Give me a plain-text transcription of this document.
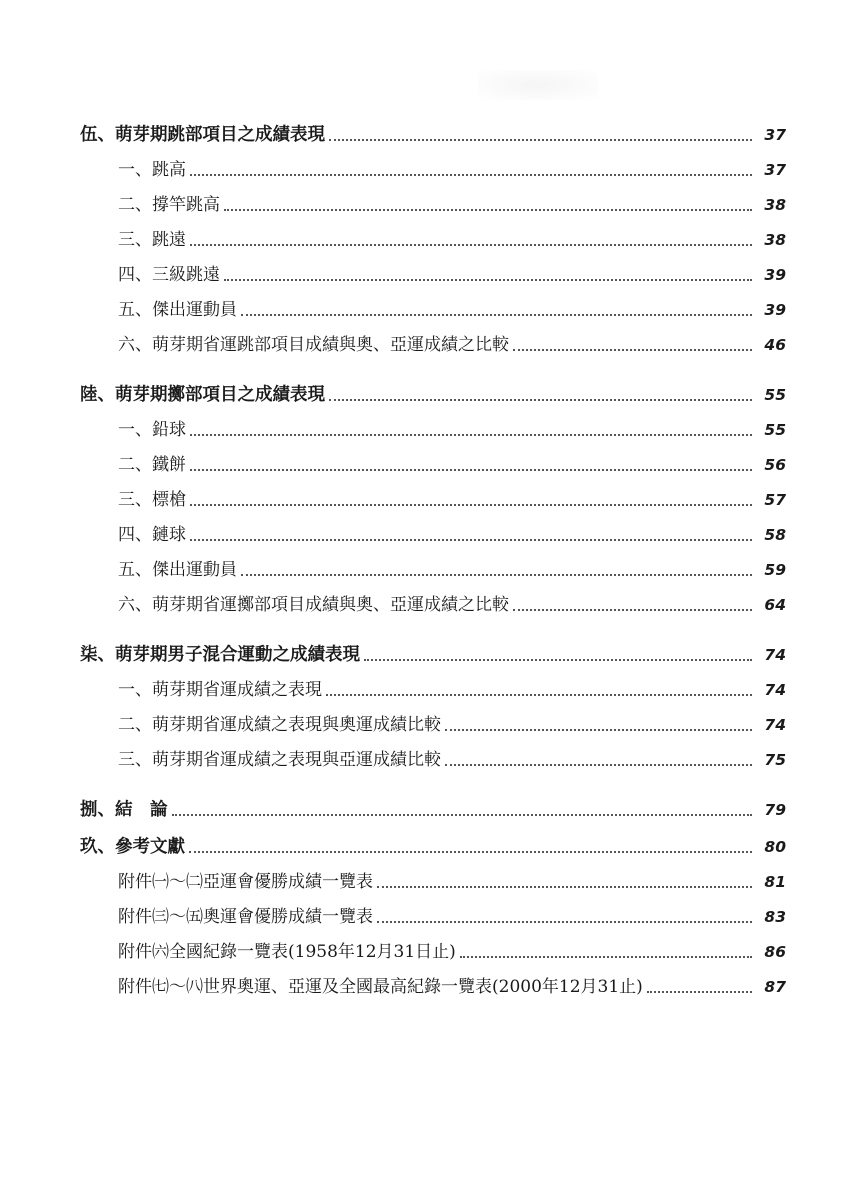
伍、萌芽期跳部項目之成績表現	37
一、跳高	37
二、撐竿跳高	38
三、跳遠	38
四、三級跳遠	39
五、傑出運動員	39
六、萌芽期省運跳部項目成績與奧、亞運成績之比較	46
陸、萌芽期擲部項目之成績表現	55
一、鉛球	55
二、鐵餅	56
三、標槍	57
四、鏈球	58
五、傑出運動員	59
六、萌芽期省運擲部項目成績與奧、亞運成績之比較	64
柒、萌芽期男子混合運動之成績表現	74
一、萌芽期省運成績之表現	74
二、萌芽期省運成績之表現與奧運成績比較	74
三、萌芽期省運成績之表現與亞運成績比較	75
捌、結　論	79
玖、參考文獻	80
附件㈠～㈡亞運會優勝成績一覽表	81
附件㈢～㈤奧運會優勝成績一覽表	83
附件㈥全國紀錄一覽表(1958年12月31日止)	86
附件㈦～㈧世界奧運、亞運及全國最高紀錄一覽表(2000年12月31止)	87
